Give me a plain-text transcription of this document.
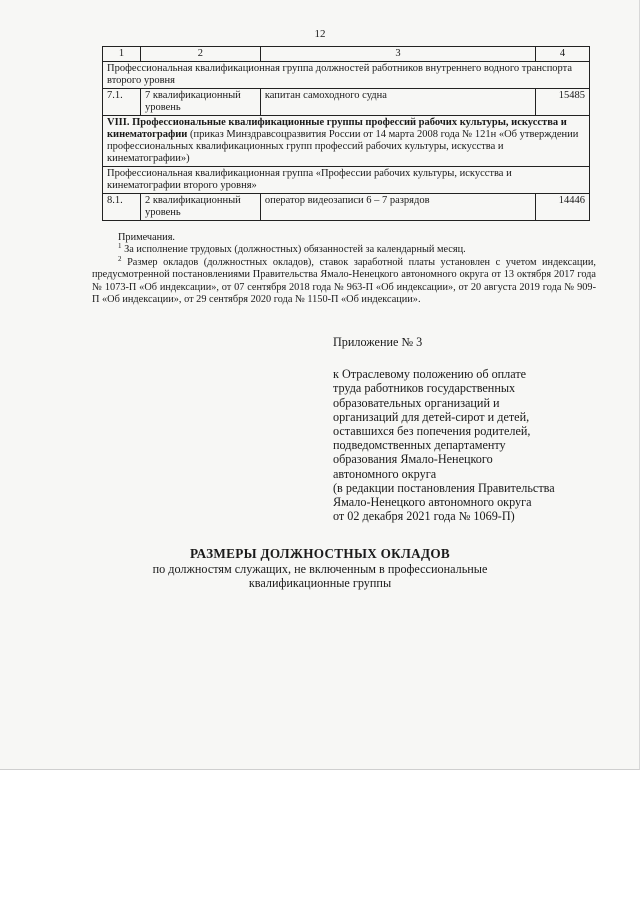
12
1	2	3	4
Профессиональная квалификационная группа должностей работников внутреннего водного транспорта второго уровня			
7.1.	7 квалификационный уровень	капитан самоходного судна	15485
VIII. Профессиональные квалификационные группы профессий рабочих культуры, искусства и кинематографии (приказ Минздравсоцразвития России от 14 марта 2008 года № 121н «Об утверждении профессиональных квалификационных групп профессий рабочих культуры, искусства и кинематографии»)			
Профессиональная квалификационная группа «Профессии рабочих культуры, искусства и кинематографии второго уровня»			
8.1.	2 квалификационный уровень	оператор видеозаписи 6 – 7 разрядов	14446

Примечания.

$^1$ За исполнение трудовых (должностных) обязанностей за календарный месяц.

$^2$ Размер окладов (должностных окладов), ставок заработной платы установлен с учетом индексации, предусмотренной постановлениями Правительства Ямало-Ненецкого автономного округа от 13 октября 2017 года № 1073-П «Об индексации», от 07 сентября 2018 года № 963-П «Об индексации», от 20 августа 2019 года № 909-П «Об индексации», от 29 сентября 2020 года № 1150-П «Об индексации».

Приложение № 3
к Отраслевому положению об оплате
труда работников государственных
образовательных организаций и
организаций для детей-сирот и детей,
оставшихся без попечения родителей,
подведомственных департаменту
образования Ямало-Ненецкого
автономного округа
(в редакции постановления Правительства
Ямало-Ненецкого автономного округа
от 02 декабря 2021 года № 1069-П)
РАЗМЕРЫ ДОЛЖНОСТНЫХ ОКЛАДОВ
по должностям служащих, не включенным в профессиональные
квалификационные группы
